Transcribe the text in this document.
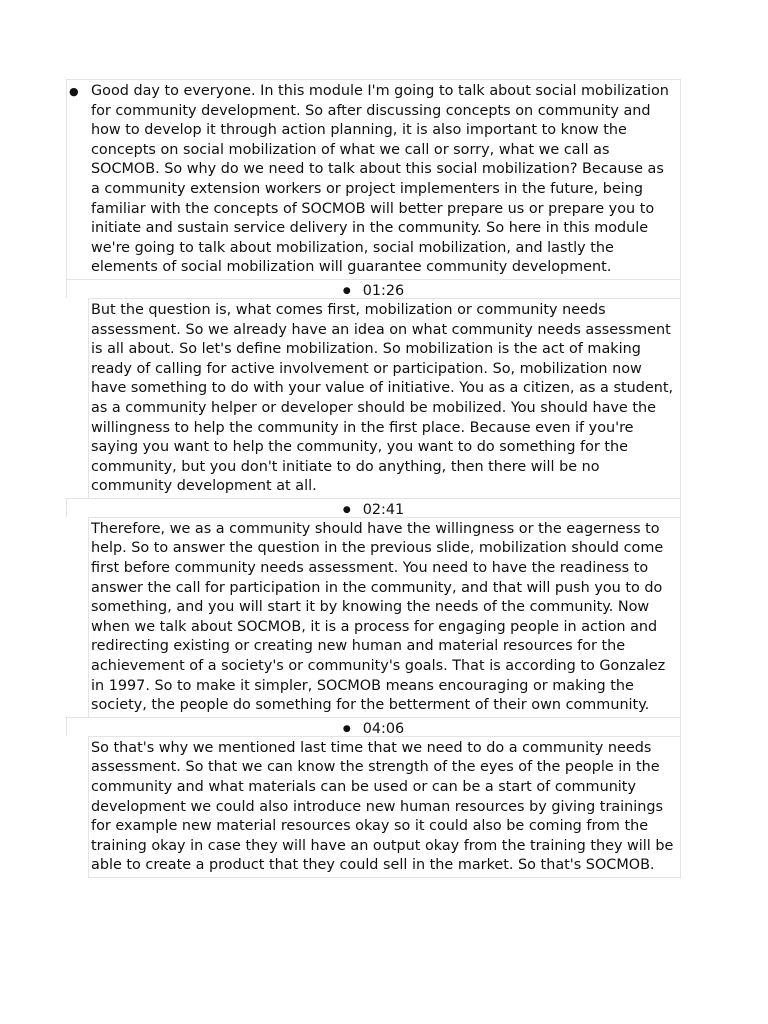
● Good day to everyone. In this module I'm going to talk about social mobilization for community development. So after discussing concepts on community and how to develop it through action planning, it is also important to know the concepts on social mobilization of what we call or sorry, what we call as SOCMOB. So why do we need to talk about this social mobilization? Because as a community extension workers or project implementers in the future, being familiar with the concepts of SOCMOB will better prepare us or prepare you to initiate and sustain service delivery in the community. So here in this module we're going to talk about mobilization, social mobilization, and lastly the elements of social mobilization will guarantee community development.

● 01:26

But the question is, what comes first, mobilization or community needs assessment. So we already have an idea on what community needs assessment is all about. So let's define mobilization. So mobilization is the act of making ready of calling for active involvement or participation. So, mobilization now have something to do with your value of initiative. You as a citizen, as a student, as a community helper or developer should be mobilized. You should have the willingness to help the community in the first place. Because even if you're saying you want to help the community, you want to do something for the community, but you don't initiate to do anything, then there will be no community development at all.

● 02:41

Therefore, we as a community should have the willingness or the eagerness to help. So to answer the question in the previous slide, mobilization should come first before community needs assessment. You need to have the readiness to answer the call for participation in the community, and that will push you to do something, and you will start it by knowing the needs of the community. Now when we talk about SOCMOB, it is a process for engaging people in action and redirecting existing or creating new human and material resources for the achievement of a society's or community's goals. That is according to Gonzalez in 1997. So to make it simpler, SOCMOB means encouraging or making the society, the people do something for the betterment of their own community.

● 04:06

So that's why we mentioned last time that we need to do a community needs assessment. So that we can know the strength of the eyes of the people in the community and what materials can be used or can be a start of community development we could also introduce new human resources by giving trainings for example new material resources okay so it could also be coming from the training okay in case they will have an output okay from the training they will be able to create a product that they could sell in the market. So that's SOCMOB.
